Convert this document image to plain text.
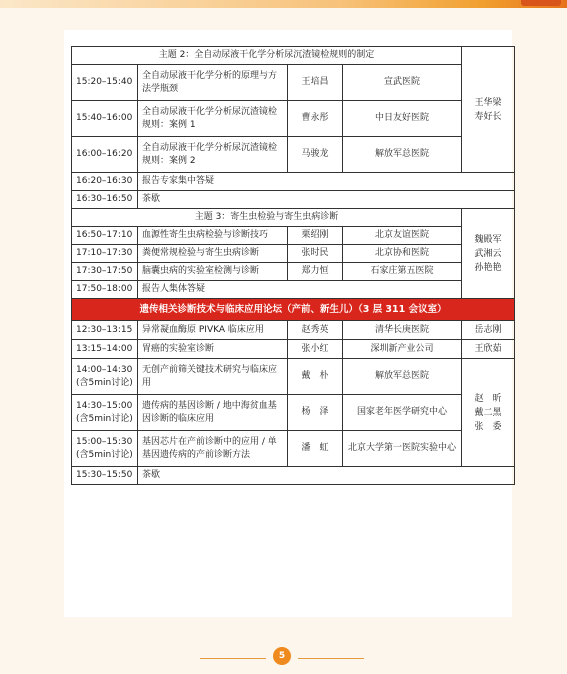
主题 2：全自动尿液干化学分析尿沉渣镜检规则的制定				王华梁
寿好长

15:20–15:40	全自动尿液干化学分析的原理与方法学瓶颈	王培昌	宣武医院	
15:40–16:00	全自动尿液干化学分析尿沉渣镜检规则：案例 1	曹永彤	中日友好医院	
16:00–16:20	全自动尿液干化学分析尿沉渣镜检规则：案例 2	马骏龙	解放军总医院	
16:20–16:30	报告专家集中答疑			
16:30–16:50	茶歇			
主题 3：寄生虫检验与寄生虫病诊断				魏殿军
武湘云
孙艳艳

16:50–17:10	血源性寄生虫病检验与诊断技巧	栗绍刚	北京友谊医院	
17:10–17:30	粪便常规检验与寄生虫病诊断	张时民	北京协和医院	
17:30–17:50	脑囊虫病的实验室检测与诊断	郑力恒	石家庄第五医院	
17:50–18:00	报告人集体答疑			
遗传相关诊断技术与临床应用论坛（产前、新生儿）（3 层 311 会议室）				
12:30–13:15	异常凝血酶原 PIVKA 临床应用	赵秀英	清华长庚医院	岳志刚
13:15–14:00	胃癌的实验室诊断	张小红	深圳新产业公司	王欣茹
14:00–14:30
(含5min讨论)	无创产前筛关键技术研究与临床应用	戴　朴	解放军总医院	赵　昕
戴二黑
张　委

14:30–15:00
(含5min讨论)	遗传病的基因诊断 / 地中海贫血基因诊断的临床应用	杨　泽	国家老年医学研究中心	
15:00–15:30
(含5min讨论)	基因芯片在产前诊断中的应用 / 单基因遗传病的产前诊断方法	潘　虹	北京大学第一医院实验中心	
15:30–15:50	茶歇			
5
